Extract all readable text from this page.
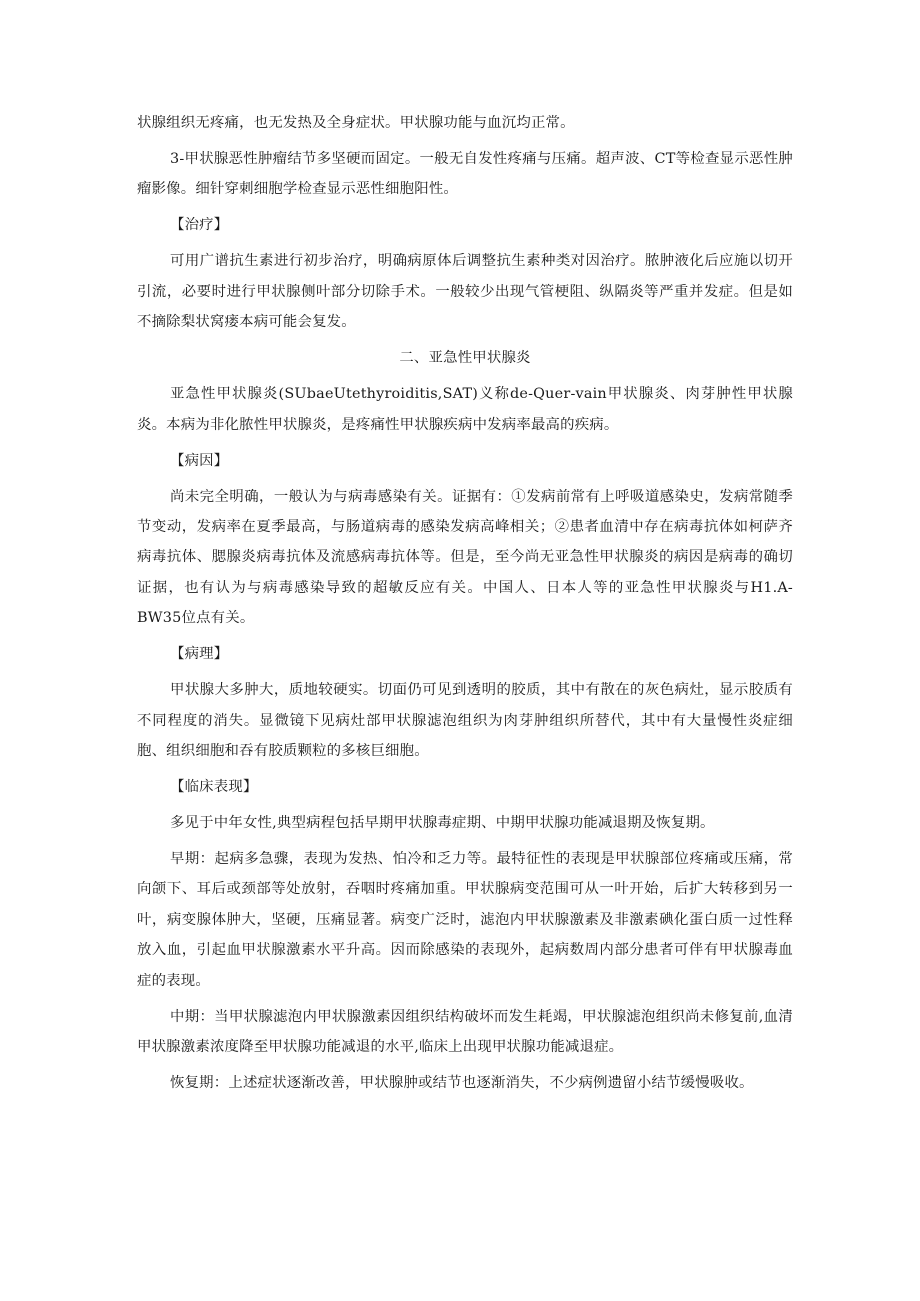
状腺组织无疼痛，也无发热及全身症状。甲状腺功能与血沉均正常。

3-甲状腺恶性肿瘤结节多坚硬而固定。一般无自发性疼痛与压痛。超声波、CT等检查显示恶性肿瘤影像。细针穿刺细胞学检查显示恶性细胞阳性。

【治疗】

可用广谱抗生素进行初步治疗，明确病原体后调整抗生素种类对因治疗。脓肿液化后应施以切开引流，必要时进行甲状腺侧叶部分切除手术。一般较少出现气管梗阻、纵隔炎等严重并发症。但是如不摘除梨状窝瘘本病可能会复发。

二、亚急性甲状腺炎

亚急性甲状腺炎(SUbaeUtethyroiditis,SAT)义称de-Quer-vain甲状腺炎、肉芽肿性甲状腺炎。本病为非化脓性甲状腺炎，是疼痛性甲状腺疾病中发病率最高的疾病。

【病因】

尚未完全明确，一般认为与病毒感染有关。证据有：①发病前常有上呼吸道感染史，发病常随季节变动，发病率在夏季最高，与肠道病毒的感染发病高峰相关；②患者血清中存在病毒抗体如柯萨齐病毒抗体、腮腺炎病毒抗体及流感病毒抗体等。但是，至今尚无亚急性甲状腺炎的病因是病毒的确切证据，也有认为与病毒感染导致的超敏反应有关。中国人、日本人等的亚急性甲状腺炎与H1.A-BW35位点有关。

【病理】

甲状腺大多肿大，质地较硬实。切面仍可见到透明的胶质，其中有散在的灰色病灶，显示胶质有不同程度的消失。显微镜下见病灶部甲状腺滤泡组织为肉芽肿组织所替代，其中有大量慢性炎症细胞、组织细胞和吞有胶质颗粒的多核巨细胞。

【临床表现】

多见于中年女性,典型病程包括早期甲状腺毒症期、中期甲状腺功能减退期及恢复期。

早期：起病多急骤，表现为发热、怕冷和乏力等。最特征性的表现是甲状腺部位疼痛或压痛，常向颌下、耳后或颈部等处放射，吞咽时疼痛加重。甲状腺病变范围可从一叶开始，后扩大转移到另一叶，病变腺体肿大，坚硬，压痛显著。病变广泛时，滤泡内甲状腺激素及非激素碘化蛋白质一过性释放入血，引起血甲状腺激素水平升高。因而除感染的表现外，起病数周内部分患者可伴有甲状腺毒血症的表现。

中期：当甲状腺滤泡内甲状腺激素因组织结构破坏而发生耗竭，甲状腺滤泡组织尚未修复前,血清甲状腺激素浓度降至甲状腺功能减退的水平,临床上出现甲状腺功能减退症。

恢复期：上述症状逐渐改善，甲状腺肿或结节也逐渐消失，不少病例遗留小结节缓慢吸收。
